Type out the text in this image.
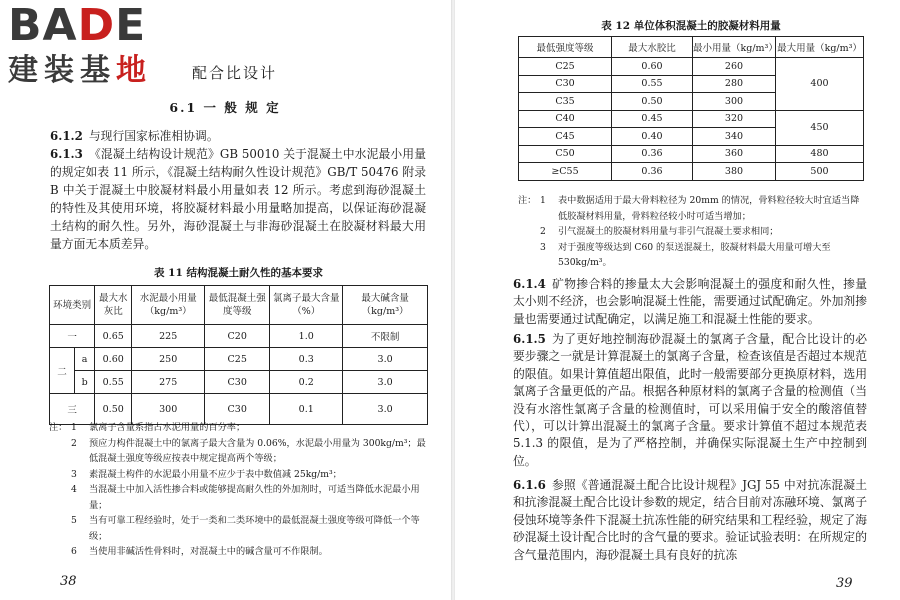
BADE
建装基地	配合比设计
6.1 一 般 规 定
6.1.2 与现行国家标准相协调。
6.1.3 《混凝土结构设计规范》GB 50010 关于混凝土中水泥最小用量的规定如表 11 所示，《混凝土结构耐久性设计规范》GB/T 50476 附录 B 中关于混凝土中胶凝材料最小用量如表 12 所示。考虑到海砂混凝土的特性及其使用环境，将胶凝材料最小用量略加提高，以保证海砂混凝土结构的耐久性。另外，海砂混凝土与非海砂混凝土在胶凝材料最大用量方面无本质差异。
表 11 结构混凝土耐久性的基本要求
环境类别		最大水灰比	水泥最小用量（kg/m³）	最低混凝土强度等级	氯离子最大含量（%）	最大碱含量（kg/m³）
一		0.65	225	C20	1.0	不限制
二	a	0.60	250	C25	0.3	3.0
	b	0.55	275	C30	0.2	3.0
三		0.50	300	C30	0.1	3.0
注： 1	氯离子含量系指占水泥用量的百分率；
2	预应力构件混凝土中的氯离子最大含量为 0.06%，水泥最小用量为 300kg/m³；最低混凝土强度等级应按表中规定提高两个等级；
3	素混凝土构件的水泥最小用量不应少于表中数值减 25kg/m³；
4	当混凝土中加入活性掺合料或能够提高耐久性的外加剂时，可适当降低水泥最小用量；
5	当有可靠工程经验时，处于一类和二类环境中的最低混凝土强度等级可降低一个等级；
6	当使用非碱活性骨料时，对混凝土中的碱含量可不作限制。
38
表 12 单位体积混凝土的胶凝材料用量
最低强度等级	最大水胶比	最小用量（kg/m³）	最大用量（kg/m³）
C25	0.60	260	400
C30	0.55	280	
C35	0.50	300	
C40	0.45	320	450
C45	0.40	340	
C50	0.36	360	480
≥C55	0.36	380	500
注： 1	表中数据适用于最大骨料粒径为 20mm 的情况，骨料粒径较大时宜适当降低胶凝材料用量，骨料粒径较小时可适当增加；
2	引气混凝土的胶凝材料用量与非引气混凝土要求相同；
3	对于强度等级达到 C60 的泵送混凝土，胶凝材料最大用量可增大至 530kg/m³。
6.1.4 矿物掺合料的掺量太大会影响混凝土的强度和耐久性，掺量太小则不经济，也会影响混凝土性能，需要通过试配确定。外加剂掺量也需要通过试配确定，以满足施工和混凝土性能的要求。
6.1.5 为了更好地控制海砂混凝土的氯离子含量，配合比设计的必要步骤之一就是计算混凝土的氯离子含量，检查该值是否超过本规范的限值。如果计算值超出限值，此时一般需要部分更换原材料，选用氯离子含量更低的产品。根据各种原材料的氯离子含量的检测值（当没有水溶性氯离子含量的检测值时，可以采用偏于安全的酸溶值替代），可以计算出混凝土的氯离子含量。要求计算值不超过本规范表 5.1.3 的限值，是为了严格控制，并确保实际混凝土生产中控制到位。
6.1.6 参照《普通混凝土配合比设计规程》JGJ 55 中对抗冻混凝土和抗渗混凝土配合比设计参数的规定，结合目前对冻融环境、氯离子侵蚀环境等条件下混凝土抗冻性能的研究结果和工程经验，规定了海砂混凝土设计配合比时的含气量的要求。验证试验表明：在所规定的含气量范围内，海砂混凝土具有良好的抗冻
39
